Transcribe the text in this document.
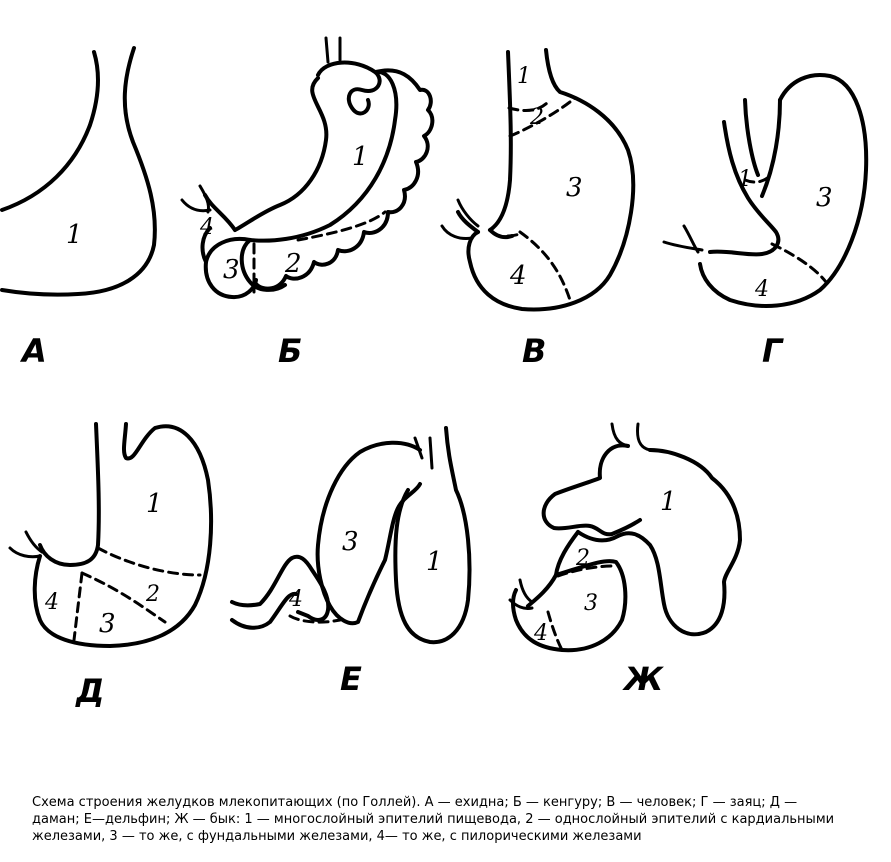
1
А
1
2
3
4
Б
1
2
3
4
В
1
3
4
Г
1
2
3
4
Д
3
4
1
Е
1
2
3
4
Ж
Схема строения желудков млекопитающих (по Голлей). А — ехидна; Б — кенгуру; В — человек; Г — заяц; Д —
даман; Е—дельфин; Ж — бык: 1 — многослойный эпителий пищевода, 2 — однослойный эпителий с кардиальными
железами, 3 — то же, с фундальными железами, 4— то же, с пилорическими железами
